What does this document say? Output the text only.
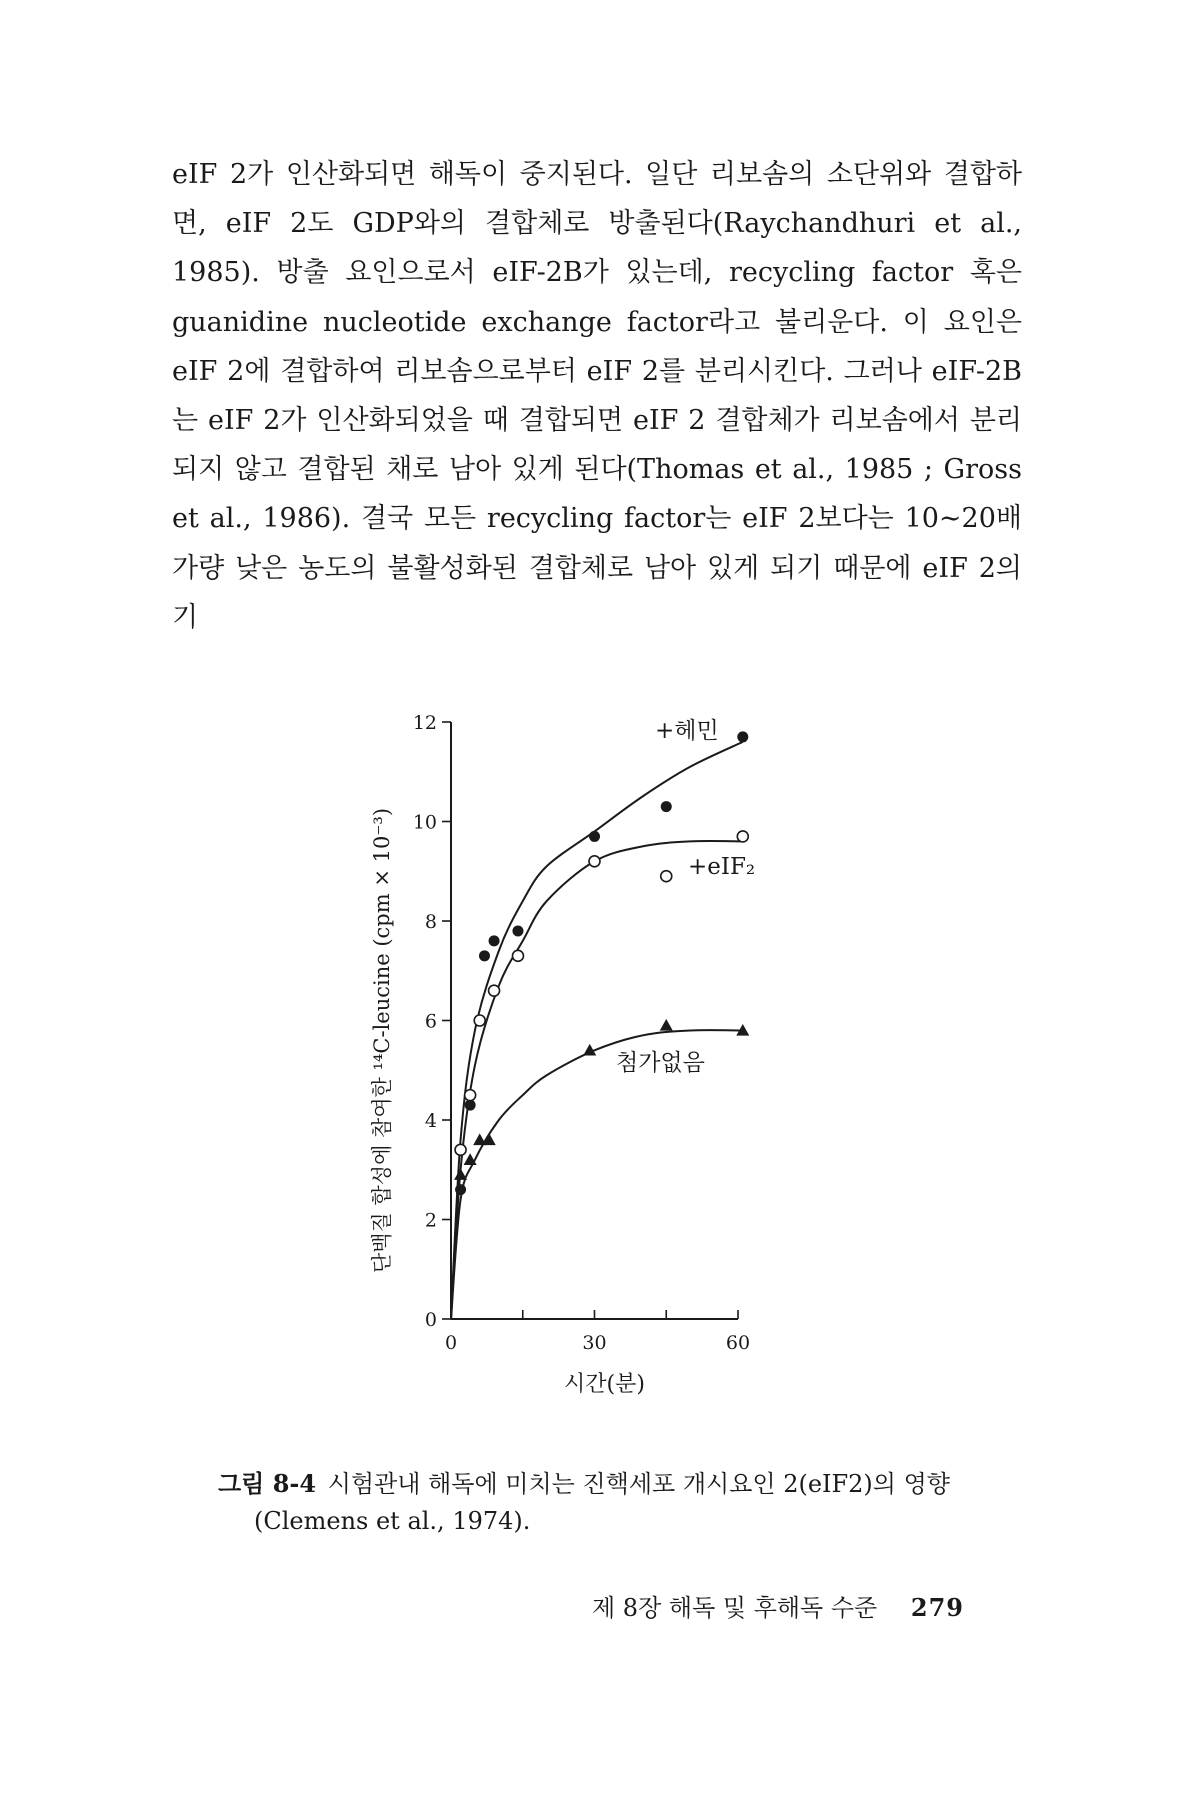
eIF 2가 인산화되면 해독이 중지된다. 일단 리보솜의 소단위와 결합하면, eIF 2도 GDP와의 결합체로 방출된다(Raychandhuri et al., 1985). 방출 요인으로서 eIF-2B가 있는데, recycling factor 혹은 guanidine nucleotide exchange factor라고 불리운다. 이 요인은 eIF 2에 결합하여 리보솜으로부터 eIF 2를 분리시킨다. 그러나 eIF-2B는 eIF 2가 인산화되었을 때 결합되면 eIF 2 결합체가 리보솜에서 분리되지 않고 결합된 채로 남아 있게 된다(Thomas et al., 1985 ; Gross et al., 1986). 결국 모든 recycling factor는 eIF 2보다는 10∼20배 가량 낮은 농도의 불활성화된 결합체로 남아 있게 되기 때문에 eIF 2의 기

0
2
4
6
8
10
12
0	30	60
시간(분)
단백질 합성에 참여한 ¹⁴C-leucine (cpm × 10⁻³)
+헤민
+eIF₂
첨가없음
그림 8-4 시험관내 해독에 미치는 진핵세포 개시요인 2(eIF2)의 영향
(Clemens et al., 1974).
제 8장 해독 및 후해독 수준 279
